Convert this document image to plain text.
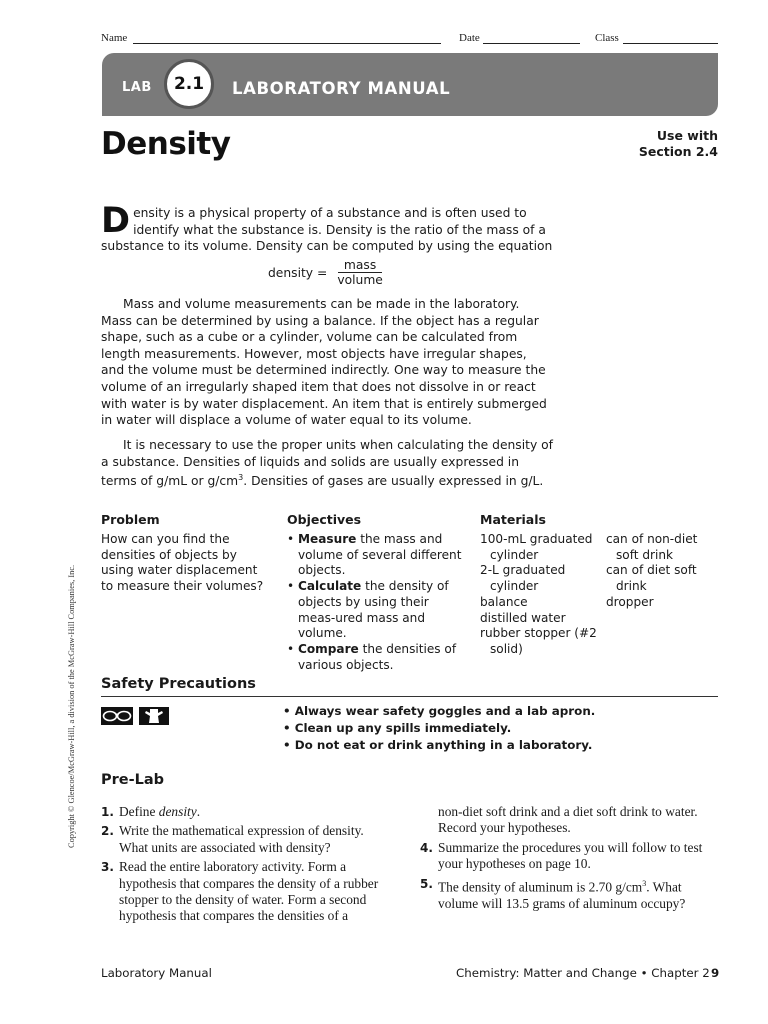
Name	Date	Class
LAB 2.1 LABORATORY MANUAL
Density	Use with
Section 2.4
Density is a physical property of a substance and is often used to identify what the substance is. Density is the ratio of the mass of a substance to its volume. Density can be computed by using the equation
density = $\frac{\text{mass}}{\text{volume}}$
Mass and volume measurements can be made in the laboratory. Mass can be determined by using a balance. If the object has a regular shape, such as a cube or a cylinder, volume can be calculated from length measurements. However, most objects have irregular shapes, and the volume must be determined indirectly. One way to measure the volume of an irregularly shaped item that does not dissolve in or react with water is by water displacement. An item that is entirely submerged in water will displace a volume of water equal to its volume.
It is necessary to use the proper units when calculating the density of a substance. Densities of liquids and solids are usually expressed in terms of g/mL or $g/cm^3$. Densities of gases are usually expressed in g/L.
Problem
How can you find the densities of objects by using water displacement to measure their volumes?
Objectives

• Measure the mass and volume of several different objects.

• Calculate the density of objects by using their meas-ured mass and volume.

• Compare the densities of various objects.

Materials

100-mL graduated cylinder

2-L graduated cylinder

balance

distilled water

rubber stopper (#2 solid)

can of non-diet soft drink

can of diet soft drink

dropper

Safety Precautions
• Always wear safety goggles and a lab apron.
• Clean up any spills immediately.
• Do not eat or drink anything in a laboratory.
Pre-Lab
1. Define density.
2. Write the mathematical expression of density. What units are associated with density?
3. Read the entire laboratory activity. Form a hypothesis that compares the density of a rubber stopper to the density of water. Form a second hypothesis that compares the densities of a
non-diet soft drink and a diet soft drink to water. Record your hypotheses.
4. Summarize the procedures you will follow to test your hypotheses on page 10.
5. The density of aluminum is 2.70 $g/cm^3$. What volume will 13.5 grams of aluminum occupy?
Copyright © Glencoe/McGraw-Hill, a division of the McGraw-Hill Companies, Inc.
Laboratory Manual	Chemistry: Matter and Change • Chapter 2 9
